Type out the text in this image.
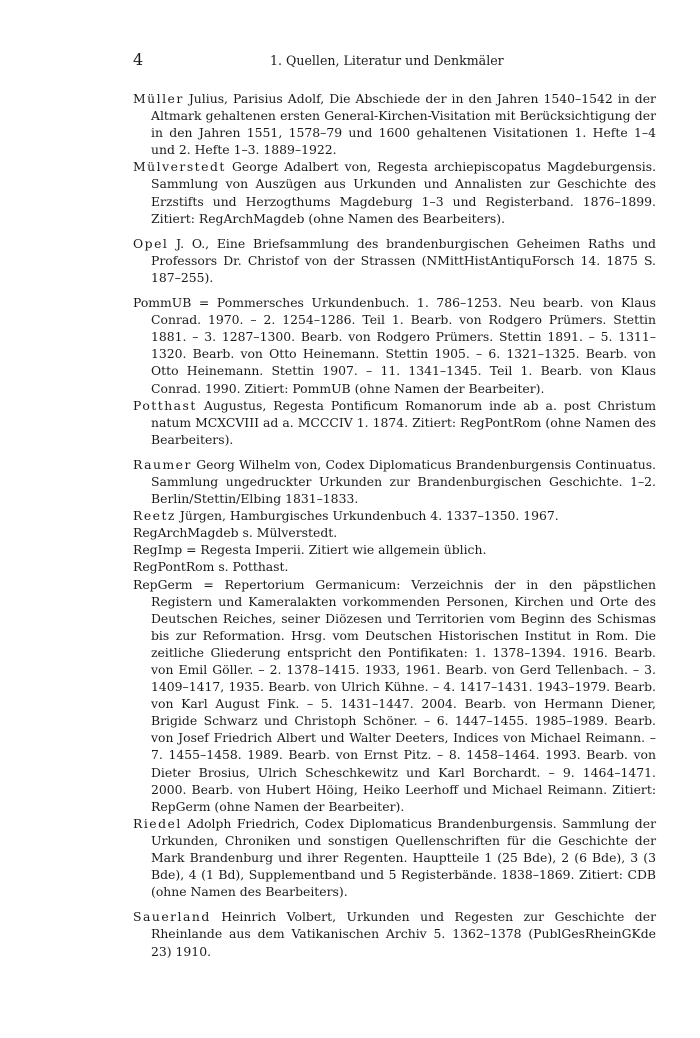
4	1. Quellen, Literatur und Denkmäler

Müller Julius, Parisius Adolf, Die Abschiede der in den Jahren 1540–1542 in der Altmark gehaltenen ersten General-Kirchen-Visitation mit Berücksichtigung der in den Jahren 1551, 1578–79 und 1600 gehaltenen Visitationen 1. Hefte 1–4 und 2. Hefte 1–3. 1889–1922.

Mülverstedt George Adalbert von, Regesta archiepiscopatus Magdeburgensis. Sammlung von Auszügen aus Urkunden und Annalisten zur Geschichte des Erzstifts und Herzogthums Magdeburg 1–3 und Registerband. 1876–1899. Zitiert: RegArchMagdeb (ohne Namen des Bearbeiters).

Opel J. O., Eine Briefsammlung des brandenburgischen Geheimen Raths und Professors Dr. Christof von der Strassen (NMittHistAntiquForsch 14. 1875 S. 187–255).

PommUB = Pommersches Urkundenbuch. 1. 786–1253. Neu bearb. von Klaus Conrad. 1970. – 2. 1254–1286. Teil 1. Bearb. von Rodgero Prümers. Stettin 1881. – 3. 1287–1300. Bearb. von Rodgero Prümers. Stettin 1891. – 5. 1311–1320. Bearb. von Otto Heinemann. Stettin 1905. – 6. 1321–1325. Bearb. von Otto Heinemann. Stettin 1907. – 11. 1341–1345. Teil 1. Bearb. von Klaus Conrad. 1990. Zitiert: PommUB (ohne Namen der Bearbeiter).

Potthast Augustus, Regesta Pontificum Romanorum inde ab a. post Christum natum MCXCVIII ad a. MCCCIV 1. 1874. Zitiert: RegPontRom (ohne Namen des Bearbeiters).

Raumer Georg Wilhelm von, Codex Diplomaticus Brandenburgensis Continuatus. Sammlung ungedruckter Urkunden zur Brandenburgischen Geschichte. 1–2. Berlin/Stettin/Elbing 1831–1833.

Reetz Jürgen, Hamburgisches Urkundenbuch 4. 1337–1350. 1967.

RegArchMagdeb s. Mülverstedt.

RegImp = Regesta Imperii. Zitiert wie allgemein üblich.

RegPontRom s. Potthast.

RepGerm = Repertorium Germanicum: Verzeichnis der in den päpstlichen Registern und Kameralakten vorkommenden Personen, Kirchen und Orte des Deutschen Reiches, seiner Diözesen und Territorien vom Beginn des Schismas bis zur Reformation. Hrsg. vom Deutschen Historischen Institut in Rom. Die zeitliche Gliederung entspricht den Pontifikaten: 1. 1378–1394. 1916. Bearb. von Emil Göller. – 2. 1378–1415. 1933, 1961. Bearb. von Gerd Tellenbach. – 3. 1409–1417, 1935. Bearb. von Ulrich Kühne. – 4. 1417–1431. 1943–1979. Bearb. von Karl August Fink. – 5. 1431–1447. 2004. Bearb. von Hermann Diener, Brigide Schwarz und Christoph Schöner. – 6. 1447–1455. 1985–1989. Bearb. von Josef Friedrich Albert und Walter Deeters, Indices von Michael Reimann. – 7. 1455–1458. 1989. Bearb. von Ernst Pitz. – 8. 1458–1464. 1993. Bearb. von Dieter Brosius, Ulrich Scheschkewitz und Karl Borchardt. – 9. 1464–1471. 2000. Bearb. von Hubert Höing, Heiko Leerhoff und Michael Reimann. Zitiert: RepGerm (ohne Namen der Bearbeiter).

Riedel Adolph Friedrich, Codex Diplomaticus Brandenburgensis. Sammlung der Urkunden, Chroniken und sonstigen Quellenschriften für die Geschichte der Mark Brandenburg und ihrer Regenten. Hauptteile 1 (25 Bde), 2 (6 Bde), 3 (3 Bde), 4 (1 Bd), Supplementband und 5 Registerbände. 1838–1869. Zitiert: CDB (ohne Namen des Bearbeiters).

Sauerland Heinrich Volbert, Urkunden und Regesten zur Geschichte der Rheinlande aus dem Vatikanischen Archiv 5. 1362–1378 (PublGesRheinGKde 23) 1910.
